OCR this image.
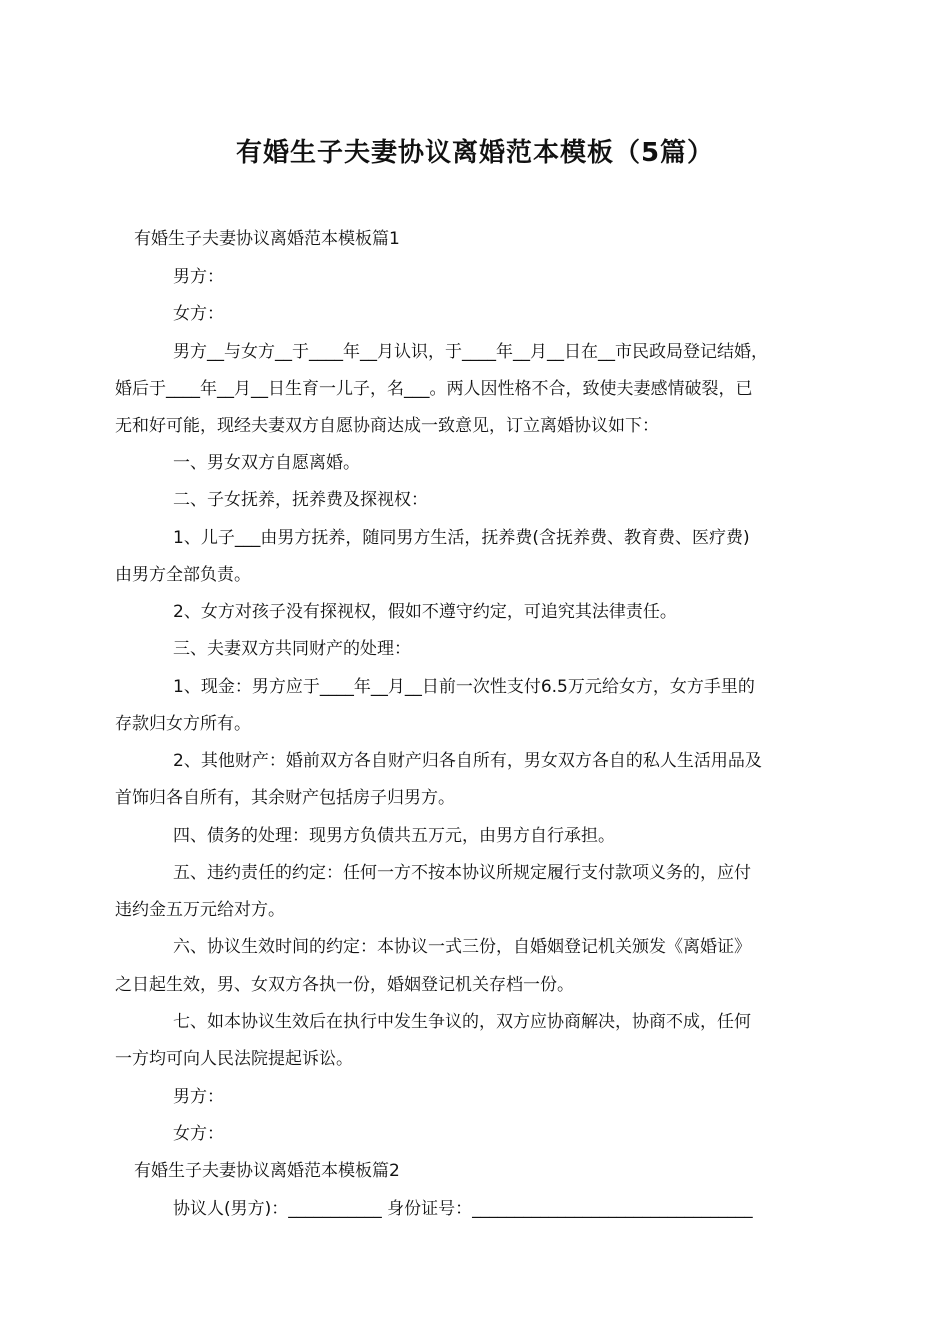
有婚生子夫妻协议离婚范本模板（5篇）
有婚生子夫妻协议离婚范本模板篇1
男方：
女方：
男方__与女方__于____年__月认识，于____年__月__日在__市民政局登记结婚，
婚后于____年__月__日生育一儿子，名___。两人因性格不合，致使夫妻感情破裂，已
无和好可能，现经夫妻双方自愿协商达成一致意见，订立离婚协议如下：
一、男女双方自愿离婚。
二、子女抚养，抚养费及探视权：
1、儿子___由男方抚养，随同男方生活，抚养费(含抚养费、教育费、医疗费)
由男方全部负责。
2、女方对孩子没有探视权，假如不遵守约定，可追究其法律责任。
三、夫妻双方共同财产的处理：
1、现金：男方应于____年__月__日前一次性支付6.5万元给女方，女方手里的
存款归女方所有。
2、其他财产：婚前双方各自财产归各自所有，男女双方各自的私人生活用品及
首饰归各自所有，其余财产包括房子归男方。
四、债务的处理：现男方负债共五万元，由男方自行承担。
五、违约责任的约定：任何一方不按本协议所规定履行支付款项义务的，应付
违约金五万元给对方。
六、协议生效时间的约定：本协议一式三份，自婚姻登记机关颁发《离婚证》
之日起生效，男、女双方各执一份，婚姻登记机关存档一份。
七、如本协议生效后在执行中发生争议的，双方应协商解决，协商不成，任何
一方均可向人民法院提起诉讼。
男方：
女方：
有婚生子夫妻协议离婚范本模板篇2
协议人(男方)：___________ 身份证号：_________________________________
